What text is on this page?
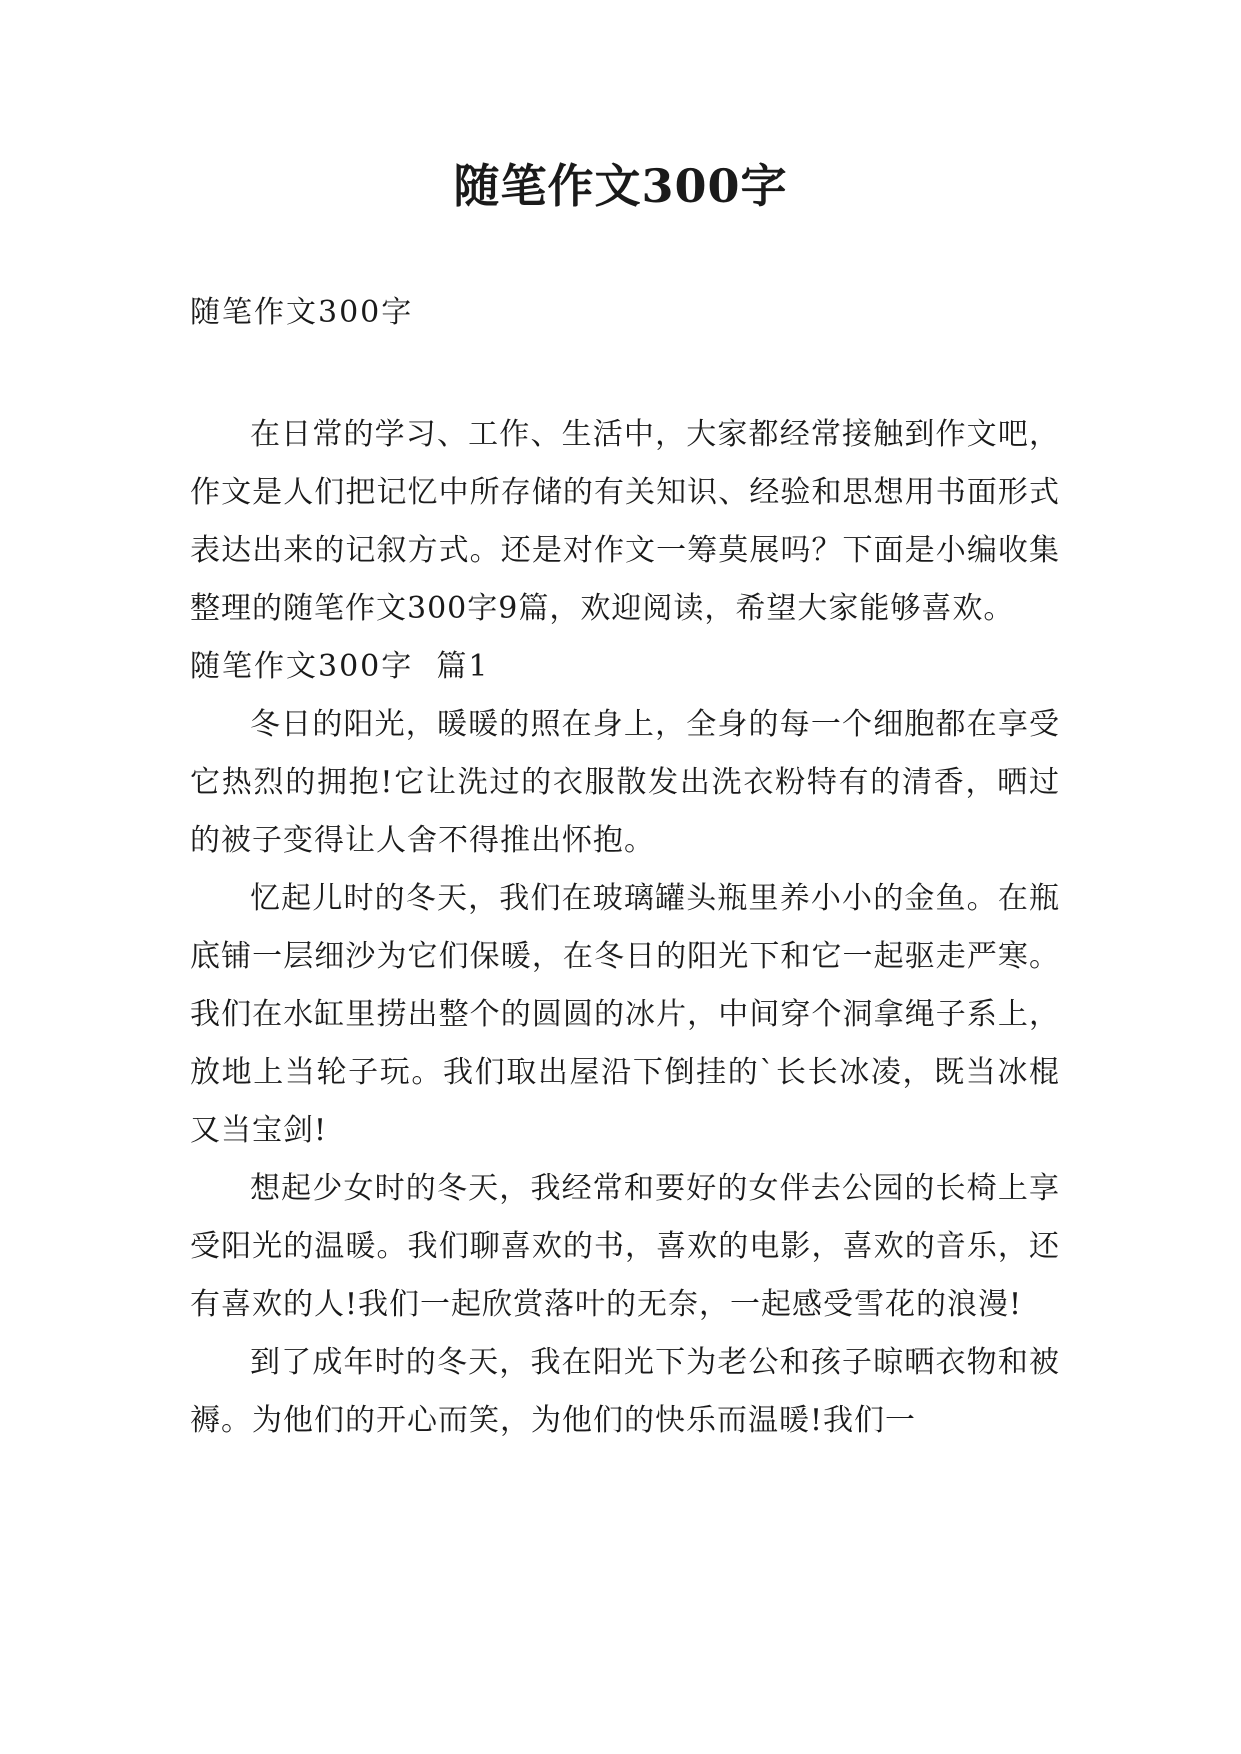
随笔作文300字

随笔作文300字

在日常的学习、工作、生活中，大家都经常接触到作文吧，作文是人们把记忆中所存储的有关知识、经验和思想用书面形式表达出来的记叙方式。还是对作文一筹莫展吗？下面是小编收集整理的随笔作文300字9篇，欢迎阅读，希望大家能够喜欢。

随笔作文300字  篇1

冬日的阳光，暖暖的照在身上，全身的每一个细胞都在享受它热烈的拥抱!它让洗过的衣服散发出洗衣粉特有的清香，晒过的被子变得让人舍不得推出怀抱。

忆起儿时的冬天，我们在玻璃罐头瓶里养小小的金鱼。在瓶底铺一层细沙为它们保暖，在冬日的阳光下和它一起驱走严寒。我们在水缸里捞出整个的圆圆的冰片，中间穿个洞拿绳子系上，放地上当轮子玩。我们取出屋沿下倒挂的`长长冰凌，既当冰棍又当宝剑!

想起少女时的冬天，我经常和要好的女伴去公园的长椅上享受阳光的温暖。我们聊喜欢的书，喜欢的电影，喜欢的音乐，还有喜欢的人!我们一起欣赏落叶的无奈，一起感受雪花的浪漫!

到了成年时的冬天，我在阳光下为老公和孩子晾晒衣物和被褥。为他们的开心而笑，为他们的快乐而温暖!我们一
